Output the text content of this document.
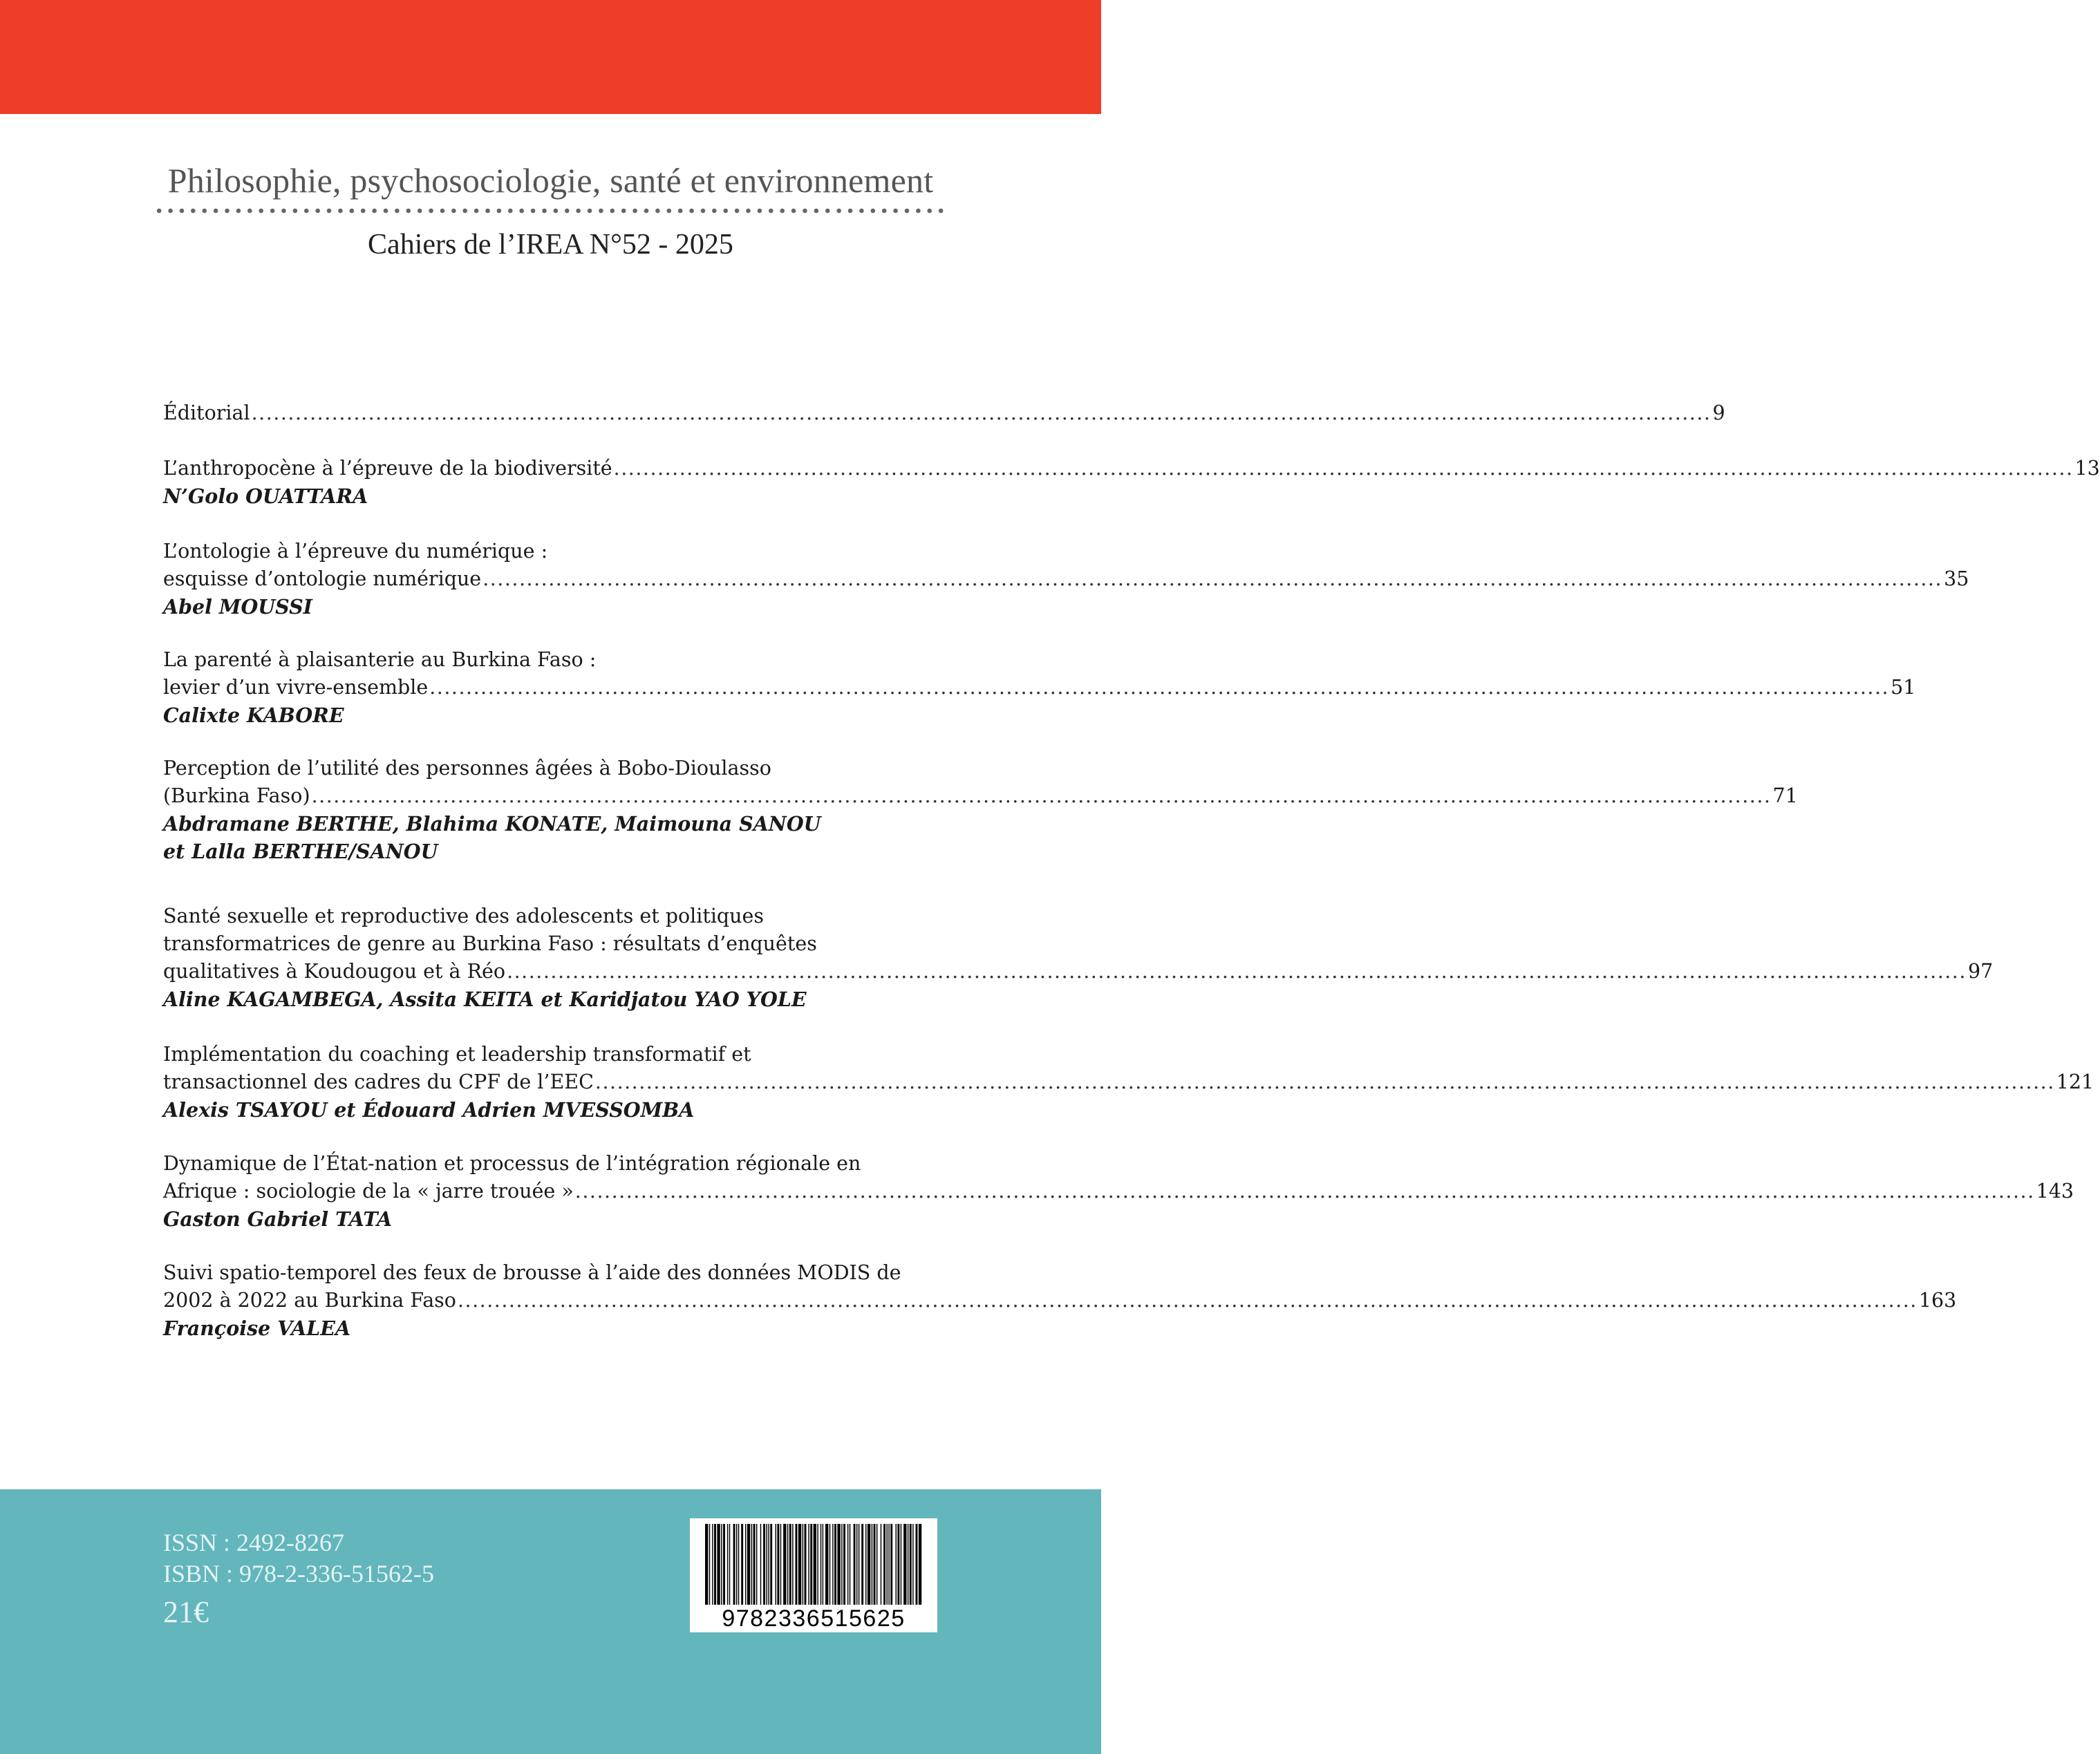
Philosophie, psychosociologie, santé et environnement
Cahiers de l’IREA N°52 - 2025
Éditorial ........................................................................................................................................................................................................ 9
L’anthropocène à l’épreuve de la biodiversité ........................................................................................................................................................................................................ 13
N’Golo OUATTARA
L’ontologie à l’épreuve du numérique :
esquisse d’ontologie numérique ........................................................................................................................................................................................................ 35
Abel MOUSSI
La parenté à plaisanterie au Burkina Faso :
levier d’un vivre-ensemble ........................................................................................................................................................................................................ 51
Calixte KABORE
Perception de l’utilité des personnes âgées à Bobo-Dioulasso
(Burkina Faso) ........................................................................................................................................................................................................ 71
Abdramane BERTHE, Blahima KONATE, Maimouna SANOU
et Lalla BERTHE/SANOU
Santé sexuelle et reproductive des adolescents et politiques
transformatrices de genre au Burkina Faso : résultats d’enquêtes
qualitatives à Koudougou et à Réo ........................................................................................................................................................................................................ 97
Aline KAGAMBEGA, Assita KEITA et Karidjatou YAO YOLE
Implémentation du coaching et leadership transformatif et
transactionnel des cadres du CPF de l’EEC ........................................................................................................................................................................................................ 121
Alexis TSAYOU et Édouard Adrien MVESSOMBA
Dynamique de l’État-nation et processus de l’intégration régionale en
Afrique : sociologie de la « jarre trouée » ........................................................................................................................................................................................................ 143
Gaston Gabriel TATA
Suivi spatio-temporel des feux de brousse à l’aide des données MODIS de
2002 à 2022 au Burkina Faso ........................................................................................................................................................................................................ 163
Françoise VALEA
ISSN : 2492-8267
ISBN : 978-2-336-51562-5
21€	9782336515625
